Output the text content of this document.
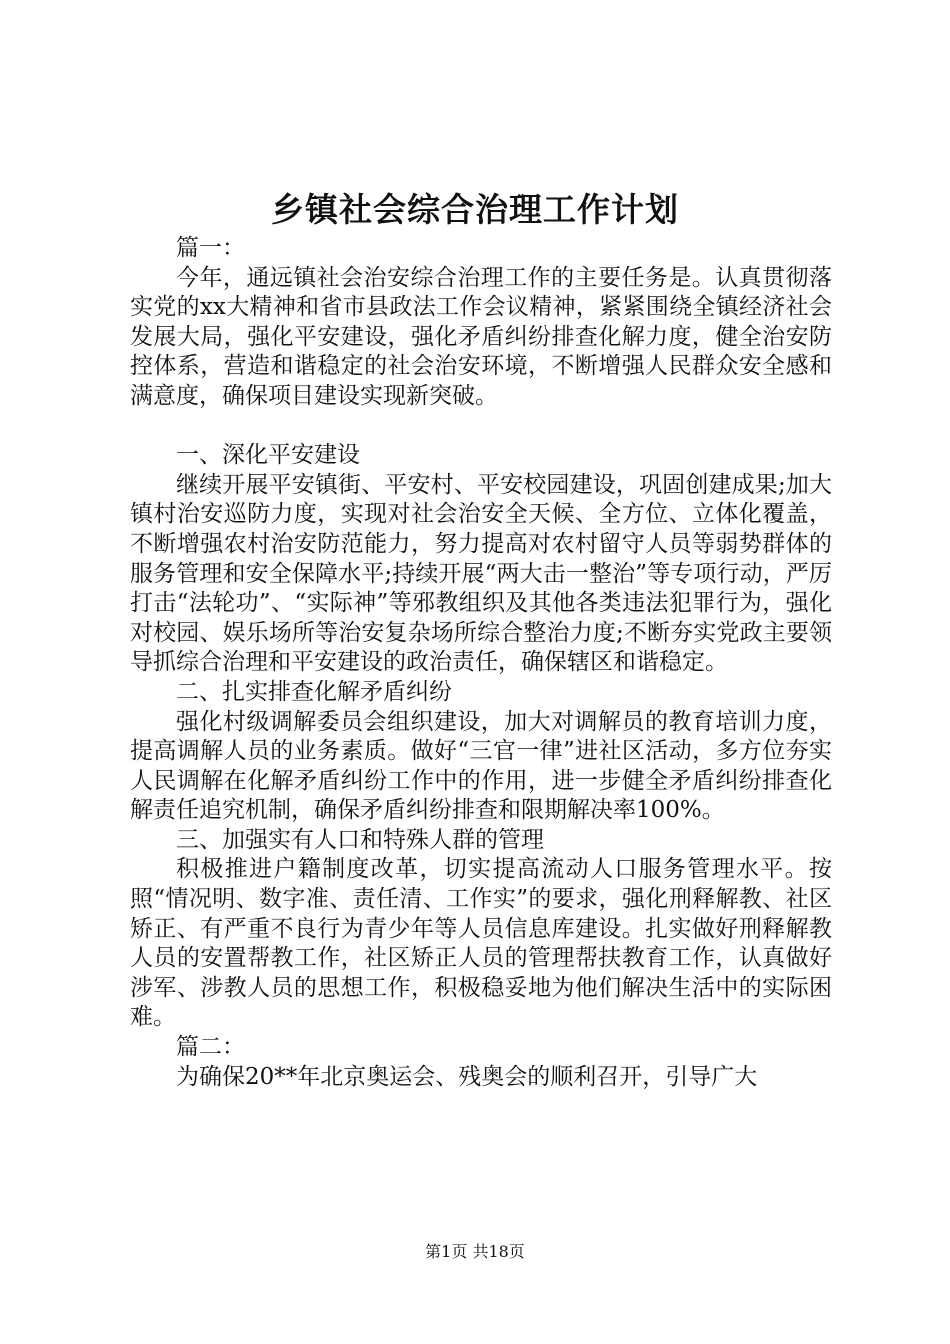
乡镇社会综合治理工作计划

篇一：

今年，通远镇社会治安综合治理工作的主要任务是。认真贯彻落实党的xx大精神和省市县政法工作会议精神，紧紧围绕全镇经济社会发展大局，强化平安建设，强化矛盾纠纷排查化解力度，健全治安防控体系，营造和谐稳定的社会治安环境，不断增强人民群众安全感和满意度，确保项目建设实现新突破。

一、深化平安建设

继续开展平安镇街、平安村、平安校园建设，巩固创建成果;加大镇村治安巡防力度，实现对社会治安全天候、全方位、立体化覆盖，不断增强农村治安防范能力，努力提高对农村留守人员等弱势群体的服务管理和安全保障水平;持续开展“两大击一整治”等专项行动，严厉打击“法轮功”、“实际神”等邪教组织及其他各类违法犯罪行为，强化对校园、娱乐场所等治安复杂场所综合整治力度;不断夯实党政主要领导抓综合治理和平安建设的政治责任，确保辖区和谐稳定。

二、扎实排查化解矛盾纠纷

强化村级调解委员会组织建设，加大对调解员的教育培训力度，提高调解人员的业务素质。做好“三官一律”进社区活动，多方位夯实人民调解在化解矛盾纠纷工作中的作用，进一步健全矛盾纠纷排查化解责任追究机制，确保矛盾纠纷排查和限期解决率100%。

三、加强实有人口和特殊人群的管理

积极推进户籍制度改革，切实提高流动人口服务管理水平。按照“情况明、数字准、责任清、工作实”的要求，强化刑释解教、社区矫正、有严重不良行为青少年等人员信息库建设。扎实做好刑释解教人员的安置帮教工作，社区矫正人员的管理帮扶教育工作，认真做好涉军、涉教人员的思想工作，积极稳妥地为他们解决生活中的实际困难。

篇二：

为确保20**年北京奥运会、残奥会的顺利召开，引导广大

第1页 共18页
